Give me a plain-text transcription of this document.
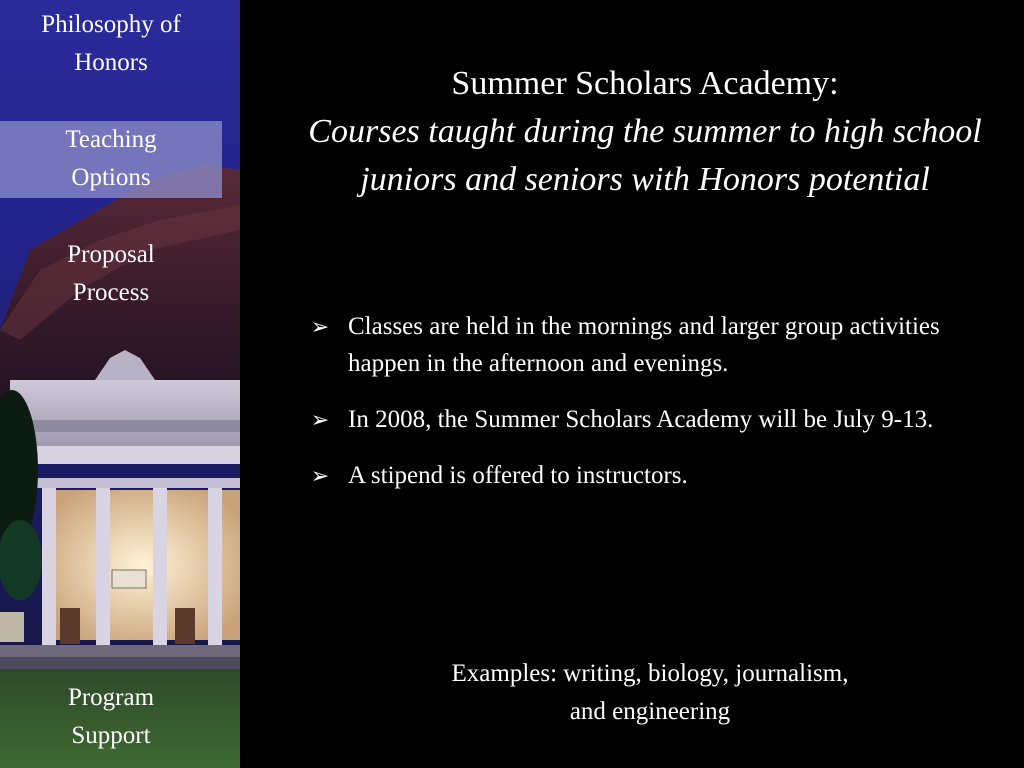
Philosophy of
Honors
Teaching
Options
Proposal
Process
Program
Support
Summer Scholars Academy:
Courses taught during the summer to high school juniors and seniors with Honors potential
➢ Classes are held in the mornings and larger group activities happen in the afternoon and evenings.
➢ In 2008, the Summer Scholars Academy will be July 9-13.
➢ A stipend is offered to instructors.
Examples: writing, biology, journalism,
and engineering
